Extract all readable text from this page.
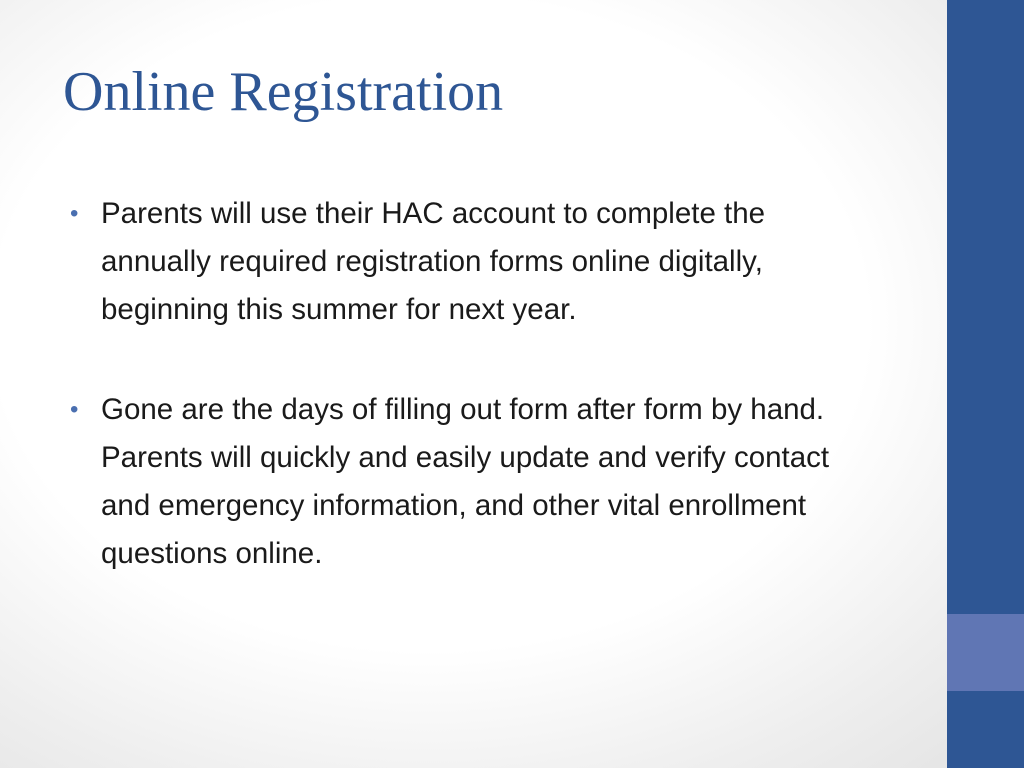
Online Registration
• Parents will use their HAC account to complete the annually required registration forms online digitally, beginning this summer for next year.
• Gone are the days of filling out form after form by hand. Parents will quickly and easily update and verify contact and emergency information, and other vital enrollment questions online.
